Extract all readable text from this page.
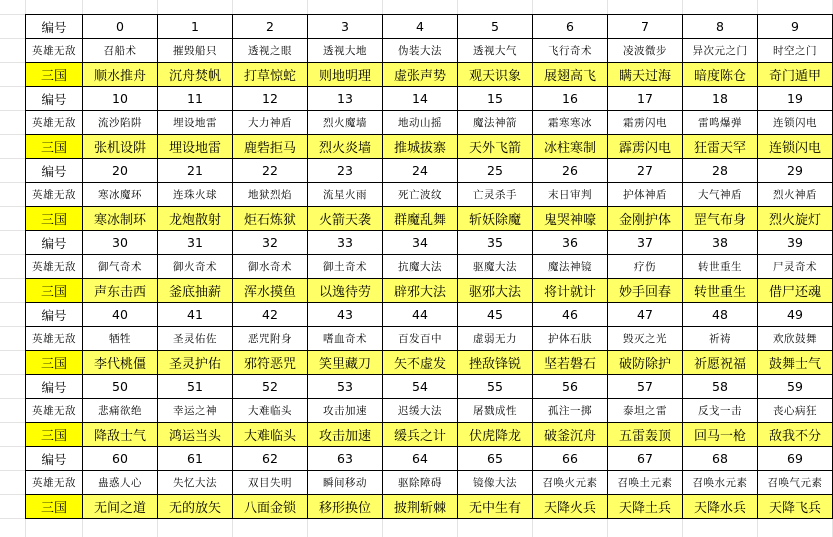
编号	0	1	2	3	4	5	6	7	8	9
英雄无敌	召船术	摧毁船只	透视之眼	透视大地	伪装大法	透视大气	飞行奇术	凌波微步	异次元之门	时空之门
三国	顺水推舟	沉舟焚帆	打草惊蛇	则地明理	虚张声势	观天识象	展翅高飞	瞒天过海	暗度陈仓	奇门遁甲
编号	10	11	12	13	14	15	16	17	18	19
英雄无敌	流沙陷阱	埋设地雷	大力神盾	烈火魔墙	地动山摇	魔法神箭	霜寒寒冰	霜雳闪电	雷鸣爆弹	连锁闪电
三国	张机设阱	埋设地雷	鹿砦拒马	烈火炎墙	推城拔寨	天外飞箭	冰柱寒制	霹雳闪电	狂雷天罕	连锁闪电
编号	20	21	22	23	24	25	26	27	28	29
英雄无敌	寒冰魔环	连珠火球	地狱烈焰	流星火雨	死亡波纹	亡灵杀手	末日审判	护体神盾	大气神盾	烈火神盾
三国	寒冰制环	龙炮散射	炬石炼狱	火箭天袭	群魔乱舞	斩妖除魔	鬼哭神嚎	金刚护体	罡气布身	烈火旋灯
编号	30	31	32	33	34	35	36	37	38	39
英雄无敌	御气奇术	御火奇术	御水奇术	御土奇术	抗魔大法	驱魔大法	魔法神镜	疗伤	转世重生	尸灵奇术
三国	声东击西	釜底抽薪	浑水摸鱼	以逸待劳	辟邪大法	驱邪大法	将计就计	妙手回春	转世重生	借尸还魂
编号	40	41	42	43	44	45	46	47	48	49
英雄无敌	牺牲	圣灵佑佐	恶咒附身	嗜血奇术	百发百中	虚弱无力	护体石肤	毁灭之光	祈祷	欢欣鼓舞
三国	李代桃僵	圣灵护佑	邪符恶咒	笑里藏刀	矢不虚发	挫敌锋锐	坚若磐石	破防除护	祈愿祝福	鼓舞士气
编号	50	51	52	53	54	55	56	57	58	59
英雄无敌	悲痛欲绝	幸运之神	大难临头	攻击加速	迟缓大法	屠戮成性	孤注一掷	泰坦之雷	反戈一击	丧心病狂
三国	降敌士气	鸿运当头	大难临头	攻击加速	缓兵之计	伏虎降龙	破釜沉舟	五雷轰顶	回马一枪	敌我不分
编号	60	61	62	63	64	65	66	67	68	69
英雄无敌	蛊惑人心	失忆大法	双目失明	瞬间移动	驱除障碍	镜像大法	召唤火元素	召唤土元素	召唤水元素	召唤气元素
三国	无间之道	无的放矢	八面金锁	移形换位	披荆斩棘	无中生有	天降火兵	天降土兵	天降水兵	天降飞兵
